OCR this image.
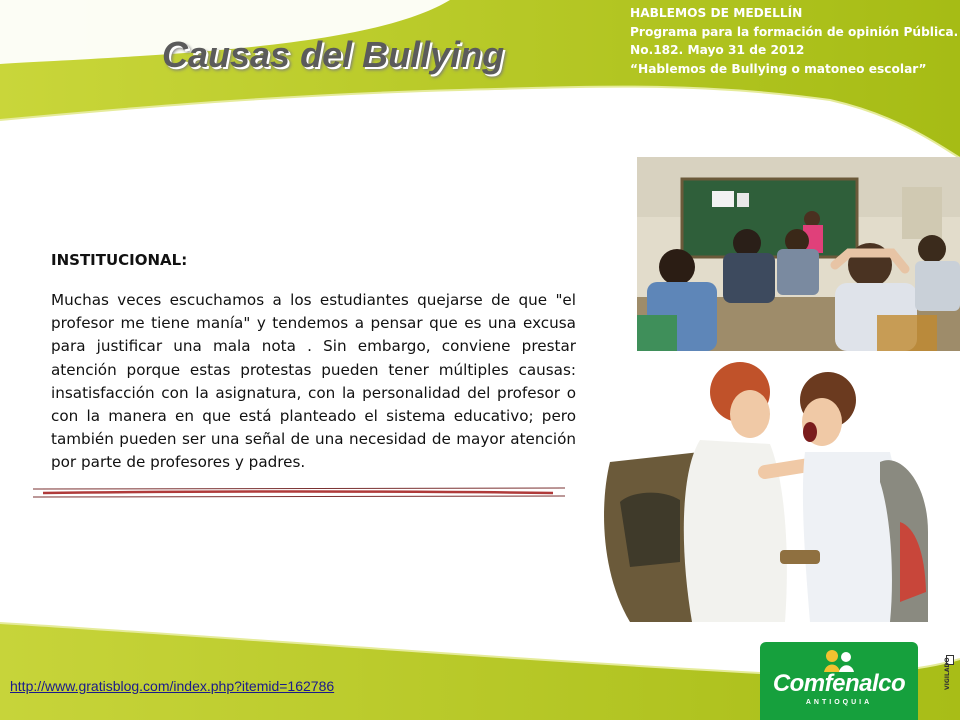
Causas del Bullying
HABLEMOS DE MEDELLÍN
Programa para la formación de opinión Pública.
No.182. Mayo 31 de 2012
“Hablemos de Bullying o matoneo escolar”

INSTITUCIONAL:

Muchas veces escuchamos a los estudiantes quejarse de que "el profesor me tiene manía" y tendemos a pensar que es una excusa para justificar una mala nota . Sin embargo, conviene prestar atención porque estas protestas pueden tener múltiples causas: insatisfacción con la asignatura, con la personalidad del profesor o con la manera en que está planteado el sistema educativo; pero también pueden ser una señal de una necesidad de mayor atención por parte de profesores y padres.

http://www.gratisblog.com/index.php?itemid=162786	Comfenalco
ANTIOQUIA
VIGILADO
